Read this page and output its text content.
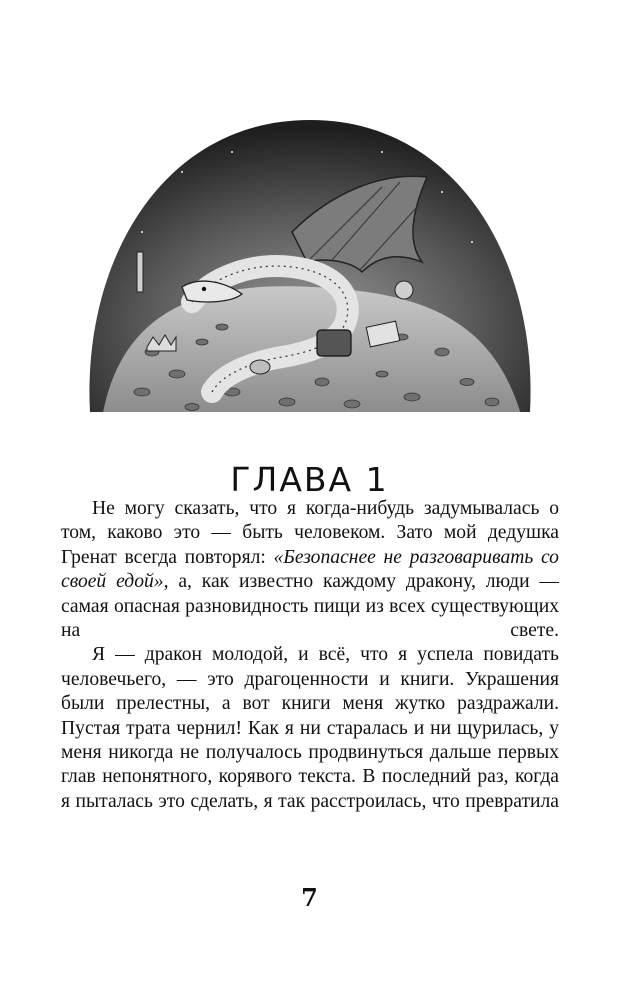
ГЛАВА 1

Не могу сказать, что я когда-нибудь задумывалась о том, каково это — быть человеком. Зато мой дедушка Гренат всегда повторял: «Безопаснее не разговаривать со своей едой», а, как известно каждому дракону, люди — самая опасная разновидность пищи из всех существующих на свете.

Я — дракон молодой, и всё, что я успела повидать человечьего, — это драгоценности и книги. Украшения были прелестны, а вот книги меня жутко раздражали. Пустая трата чернил! Как я ни старалась и ни щурилась, у меня никогда не получалось продвинуться дальше первых глав непонятного, корявого текста. В последний раз, когда я пыталась это сделать, я так расстроилась, что превратила

7
